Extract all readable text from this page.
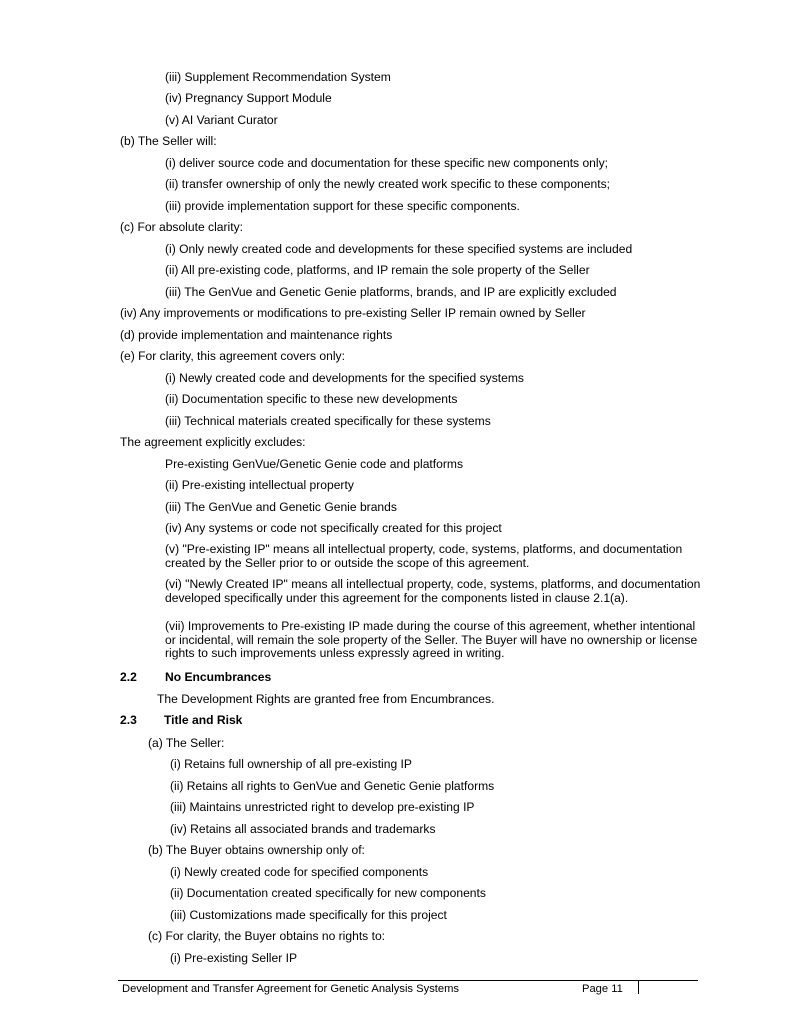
(iii) Supplement Recommendation System

(iv) Pregnancy Support Module

(v) AI Variant Curator

(b) The Seller will:

(i) deliver source code and documentation for these specific new components only;

(ii) transfer ownership of only the newly created work specific to these components;

(iii) provide implementation support for these specific components.

(c) For absolute clarity:

(i) Only newly created code and developments for these specified systems are included

(ii) All pre-existing code, platforms, and IP remain the sole property of the Seller

(iii) The GenVue and Genetic Genie platforms, brands, and IP are explicitly excluded

(iv) Any improvements or modifications to pre-existing Seller IP remain owned by Seller

(d) provide implementation and maintenance rights

(e) For clarity, this agreement covers only:

(i) Newly created code and developments for the specified systems

(ii) Documentation specific to these new developments

(iii) Technical materials created specifically for these systems

The agreement explicitly excludes:

Pre-existing GenVue/Genetic Genie code and platforms

(ii) Pre-existing intellectual property

(iii) The GenVue and Genetic Genie brands

(iv) Any systems or code not specifically created for this project

(v) "Pre-existing IP" means all intellectual property, code, systems, platforms, and documentation created by the Seller prior to or outside the scope of this agreement.

(vi) "Newly Created IP" means all intellectual property, code, systems, platforms, and documentation developed specifically under this agreement for the components listed in clause 2.1(a).

(vii) Improvements to Pre-existing IP made during the course of this agreement, whether intentional or incidental, will remain the sole property of the Seller. The Buyer will have no ownership or license rights to such improvements unless expressly agreed in writing.

2.2 No Encumbrances

The Development Rights are granted free from Encumbrances.

2.3 Title and Risk

(a) The Seller:

(i) Retains full ownership of all pre-existing IP

(ii) Retains all rights to GenVue and Genetic Genie platforms

(iii) Maintains unrestricted right to develop pre-existing IP

(iv) Retains all associated brands and trademarks

(b) The Buyer obtains ownership only of:

(i) Newly created code for specified components

(ii) Documentation created specifically for new components

(iii) Customizations made specifically for this project

(c) For clarity, the Buyer obtains no rights to:

(i) Pre-existing Seller IP

Development and Transfer Agreement for Genetic Analysis Systems	Page 11
